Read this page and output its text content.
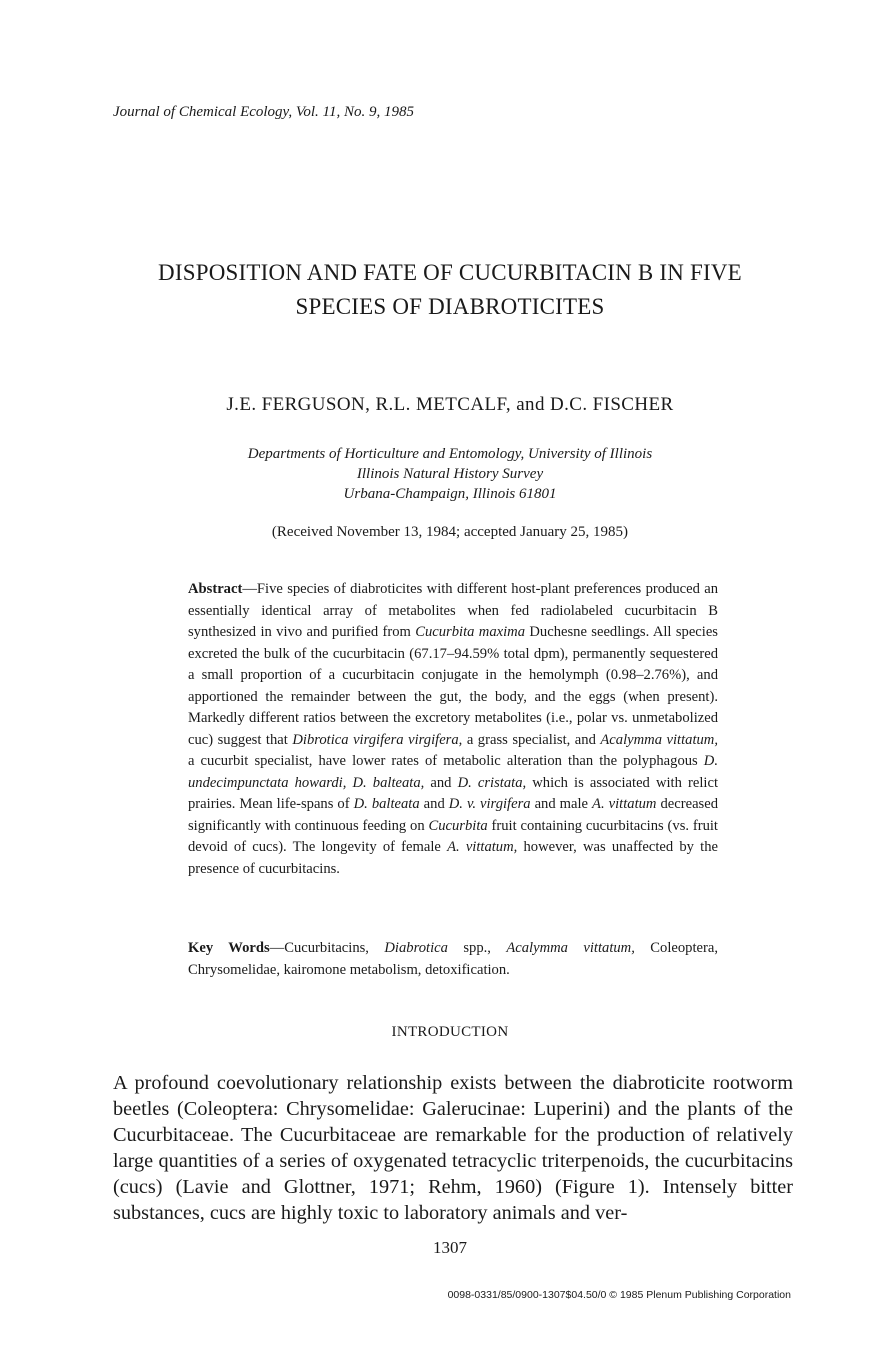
Journal of Chemical Ecology, Vol. 11, No. 9, 1985
DISPOSITION AND FATE OF CUCURBITACIN B IN FIVE
SPECIES OF DIABROTICITES
J.E. FERGUSON, R.L. METCALF, and D.C. FISCHER
Departments of Horticulture and Entomology, University of Illinois
Illinois Natural History Survey
Urbana-Champaign, Illinois 61801
(Received November 13, 1984; accepted January 25, 1985)
Abstract—Five species of diabroticites with different host-plant preferences produced an essentially identical array of metabolites when fed radiolabeled cucurbitacin B synthesized in vivo and purified from Cucurbita maxima Duchesne seedlings. All species excreted the bulk of the cucurbitacin (67.17–94.59% total dpm), permanently sequestered a small proportion of a cucurbitacin conjugate in the hemolymph (0.98–2.76%), and apportioned the remainder between the gut, the body, and the eggs (when present). Markedly different ratios between the excretory metabolites (i.e., polar vs. unmetabolized cuc) suggest that Dibrotica virgifera virgifera, a grass specialist, and Acalymma vittatum, a cucurbit specialist, have lower rates of metabolic alteration than the polyphagous D. undecimpunctata howardi, D. balteata, and D. cristata, which is associated with relict prairies. Mean life-spans of D. balteata and D. v. virgifera and male A. vittatum decreased significantly with continuous feeding on Cucurbita fruit containing cucurbitacins (vs. fruit devoid of cucs). The longevity of female A. vittatum, however, was unaffected by the presence of cucurbitacins.
Key Words—Cucurbitacins, Diabrotica spp., Acalymma vittatum, Coleoptera, Chrysomelidae, kairomone metabolism, detoxification.
INTRODUCTION
A profound coevolutionary relationship exists between the diabroticite rootworm beetles (Coleoptera: Chrysomelidae: Galerucinae: Luperini) and the plants of the Cucurbitaceae. The Cucurbitaceae are remarkable for the production of relatively large quantities of a series of oxygenated tetracyclic triterpenoids, the cucurbitacins (cucs) (Lavie and Glottner, 1971; Rehm, 1960) (Figure 1). Intensely bitter substances, cucs are highly toxic to laboratory animals and ver-
1307
0098-0331/85/0900-1307$04.50/0 © 1985 Plenum Publishing Corporation
